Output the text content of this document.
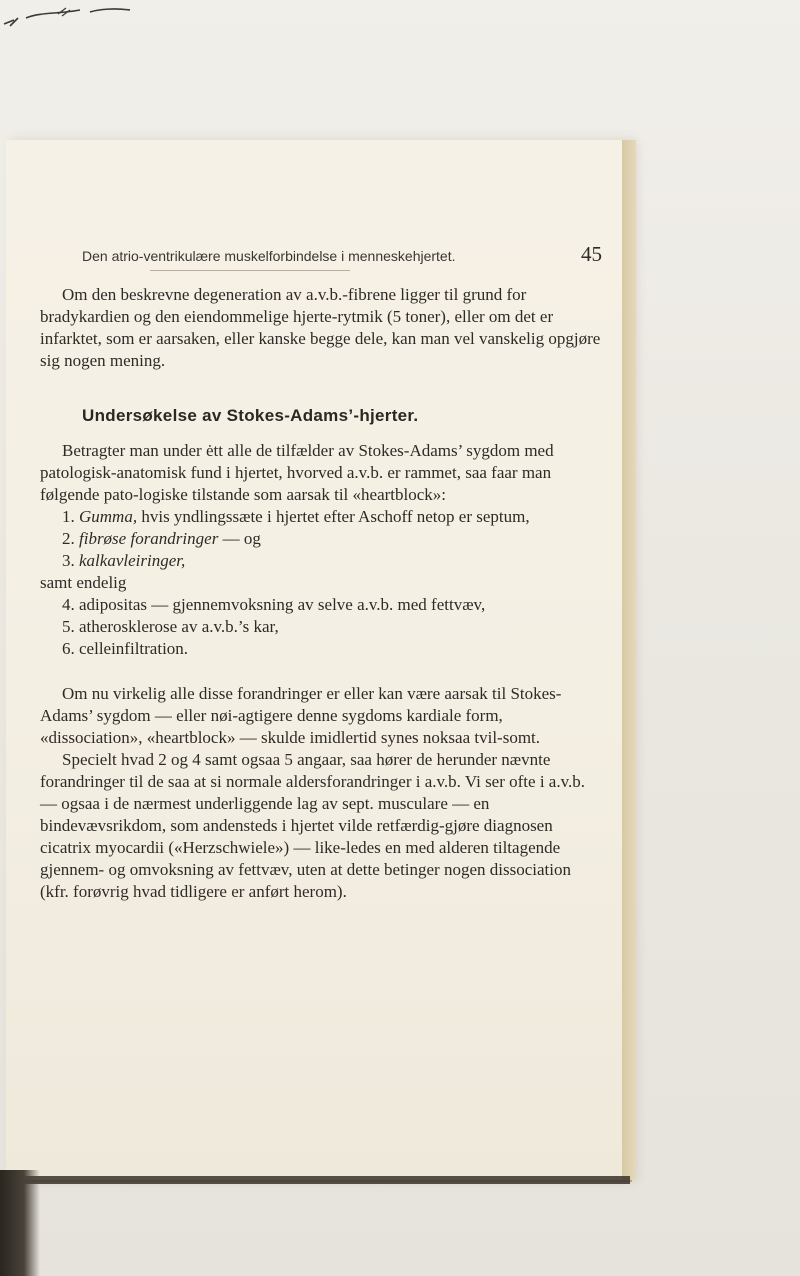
Den atrio-ventrikulære muskelforbindelse i menneskehjertet.	45

Om den beskrevne degeneration av a.v.b.-fibrene ligger til grund for bradykardien og den eiendommelige hjerte-rytmik (5 toner), eller om det er infarktet, som er aarsaken, eller kanske begge dele, kan man vel vanskelig opgjøre sig nogen mening.

Undersøkelse av Stokes-Adams’-hjerter.

Betragter man under ėtt alle de tilfælder av Stokes-Adams’ sygdom med patologisk-anatomisk fund i hjertet, hvorved a.v.b. er rammet, saa faar man følgende pato-logiske tilstande som aarsak til «heartblock»:

1. Gumma, hvis yndlingssæte i hjertet efter Aschoff netop er septum,

2. fibrøse forandringer — og

3. kalkavleiringer,

samt endelig

4. adipositas — gjennemvoksning av selve a.v.b. med fettvæv,

5. atherosklerose av a.v.b.’s kar,

6. celleinfiltration.

Om nu virkelig alle disse forandringer er eller kan være aarsak til Stokes-Adams’ sygdom — eller nøi-agtigere denne sygdoms kardiale form, «dissociation», «heartblock» — skulde imidlertid synes noksaa tvil-somt.

Specielt hvad 2 og 4 samt ogsaa 5 angaar, saa hører de herunder nævnte forandringer til de saa at si normale aldersforandringer i a.v.b. Vi ser ofte i a.v.b. — ogsaa i de nærmest underliggende lag av sept. musculare — en bindevævsrikdom, som andensteds i hjertet vilde retfærdig-gjøre diagnosen cicatrix myocardii («Herzschwiele») — like-ledes en med alderen tiltagende gjennem- og omvoksning av fettvæv, uten at dette betinger nogen dissociation (kfr. forøvrig hvad tidligere er anført herom).
